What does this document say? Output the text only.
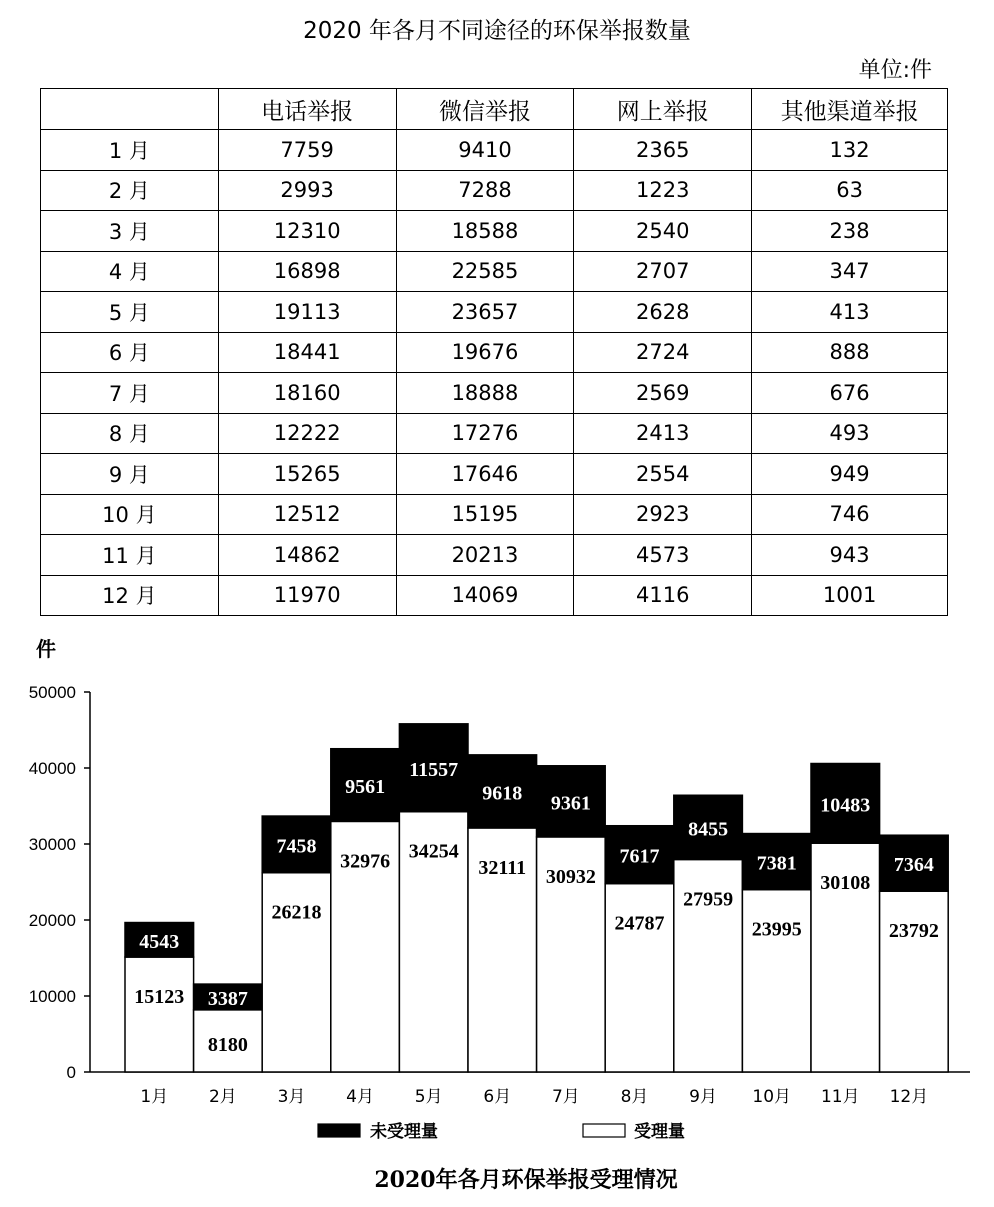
2020 年各月不同途径的环保举报数量
单位:件
	电话举报	微信举报	网上举报	其他渠道举报
1 月	7759	9410	2365	132
2 月	2993	7288	1223	63
3 月	12310	18588	2540	238
4 月	16898	22585	2707	347
5 月	19113	23657	2628	413
6 月	18441	19676	2724	888
7 月	18160	18888	2569	676
8 月	12222	17276	2413	493
9 月	15265	17646	2554	949
10 月	12512	15195	2923	746
11 月	14862	20213	4573	943
12 月	11970	14069	4116	1001
件
0
10000
20000
30000
40000
50000
4543
15123
1月
3387
8180
2月
7458
26218
3月
9561
32976
4月
11557
34254
5月
9618
32111
6月
9361
30932
7月
7617
24787
8月
8455
27959
9月
7381
23995
10月
10483
30108
11月
7364
23792
12月
未受理量	受理量
2020年各月环保举报受理情况
